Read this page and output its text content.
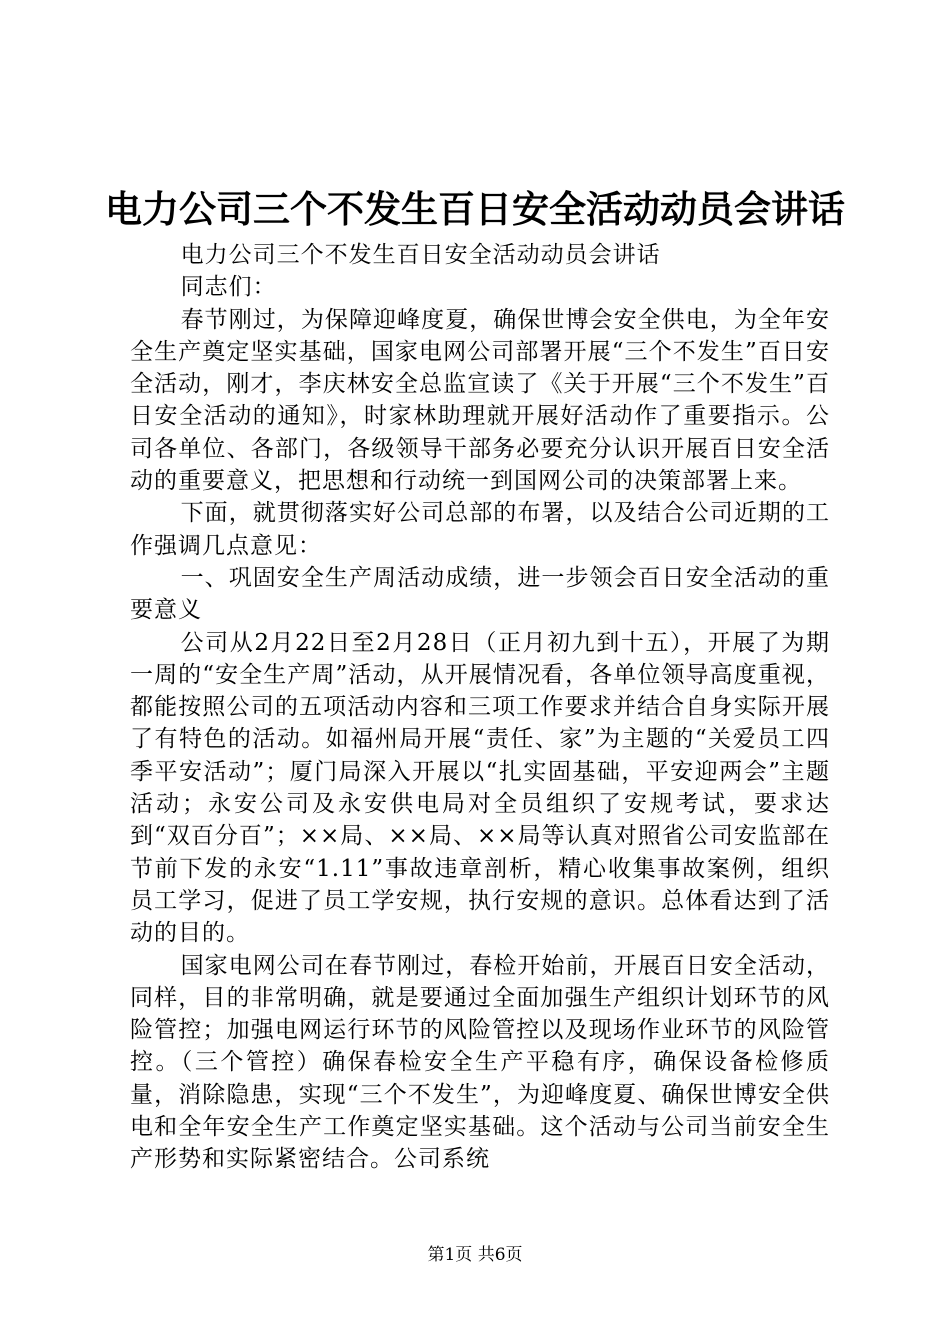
电力公司三个不发生百日安全活动动员会讲话

电力公司三个不发生百日安全活动动员会讲话

同志们：

春节刚过，为保障迎峰度夏，确保世博会安全供电，为全年安全生产奠定坚实基础，国家电网公司部署开展“三个不发生”百日安全活动，刚才，李庆林安全总监宣读了《关于开展“三个不发生”百日安全活动的通知》，时家林助理就开展好活动作了重要指示。公司各单位、各部门，各级领导干部务必要充分认识开展百日安全活动的重要意义，把思想和行动统一到国网公司的决策部署上来。

下面，就贯彻落实好公司总部的布署，以及结合公司近期的工作强调几点意见：

一、巩固安全生产周活动成绩，进一步领会百日安全活动的重要意义

公司从2月22日至2月28日（正月初九到十五），开展了为期一周的“安全生产周”活动，从开展情况看，各单位领导高度重视，都能按照公司的五项活动内容和三项工作要求并结合自身实际开展了有特色的活动。如福州局开展“责任、家”为主题的“关爱员工四季平安活动”；厦门局深入开展以“扎实固基础，平安迎两会”主题活动；永安公司及永安供电局对全员组织了安规考试，要求达到“双百分百”；××局、××局、××局等认真对照省公司安监部在节前下发的永安“1.11”事故违章剖析，精心收集事故案例，组织员工学习，促进了员工学安规，执行安规的意识。总体看达到了活动的目的。

国家电网公司在春节刚过，春检开始前，开展百日安全活动，同样，目的非常明确，就是要通过全面加强生产组织计划环节的风险管控；加强电网运行环节的风险管控以及现场作业环节的风险管控。（三个管控）确保春检安全生产平稳有序，确保设备检修质量，消除隐患，实现“三个不发生”，为迎峰度夏、确保世博安全供电和全年安全生产工作奠定坚实基础。这个活动与公司当前安全生产形势和实际紧密结合。公司系统

第1页 共6页
